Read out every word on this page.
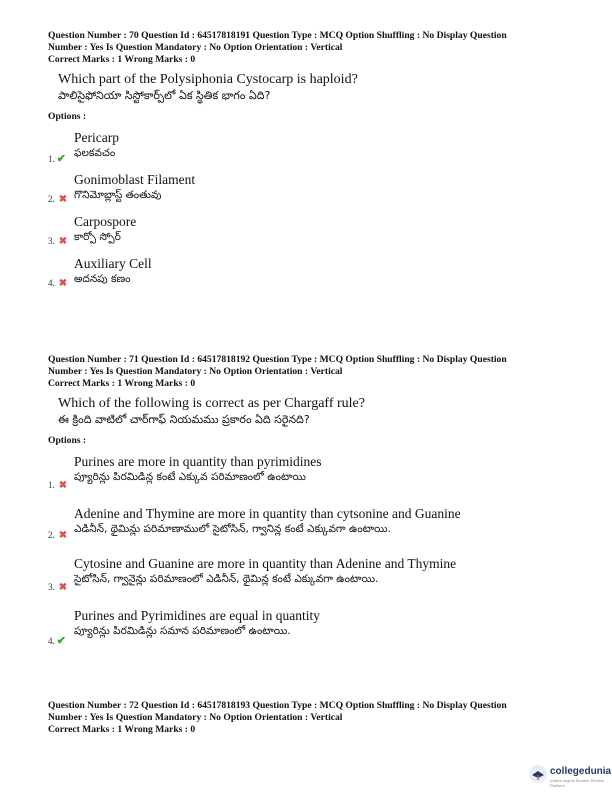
Question Number : 70 Question Id : 64517818191 Question Type : MCQ Option Shuffling : No Display Question

Number : Yes Is Question Mandatory : No Option Orientation : Vertical

Correct Marks : 1 Wrong Marks : 0

Which part of the Polysiphonia Cystocarp is haploid?

పాలిసైఫోనియా సిస్టోకార్ప్‌లో ఏక స్థితిక భాగం ఏది?

Options :

Pericarp
ఫలకవచం
1. ✔
Gonimoblast Filament
గొనిమోబ్లాస్ట్ తంతువు
2. ✖
Carpospore
కార్పో స్పోర్
3. ✖
Auxiliary Cell
అదనపు కణం
4. ✖

Question Number : 71 Question Id : 64517818192 Question Type : MCQ Option Shuffling : No Display Question

Number : Yes Is Question Mandatory : No Option Orientation : Vertical

Correct Marks : 1 Wrong Marks : 0

Which of the following is correct as per Chargaff rule?

ఈ క్రింది వాటిలో చార్‌గాఫ్ నియమము ప్రకారం ఏది సరైనది?

Options :

Purines are more in quantity than pyrimidines
ప్యూరిన్లు పిరమిడిన్ల కంటే ఎక్కువ పరిమాణంలో ఉంటాయి
1. ✖
Adenine and Thymine are more in quantity than cytsonine and Guanine
ఎడినీన్, థైమిన్లు పరిమాణాములో సైటోసిన్, గ్వానిన్ల కంటే ఎక్కువగా ఉంటాయి.
2. ✖
Cytosine and Guanine are more in quantity than Adenine and Thymine
సైటోసిన్, గ్వానైన్లు పరిమాణంలో ఎడినీన్, థైమిన్ల కంటే ఎక్కువగా ఉంటాయి.
3. ✖
Purines and Pyrimidines are equal in quantity
ప్యూరిన్లు పిరమిడిన్లు సమాన పరిమాణంలో ఉంటాయి.
4. ✔

Question Number : 72 Question Id : 64517818193 Question Type : MCQ Option Shuffling : No Display Question

Number : Yes Is Question Mandatory : No Option Orientation : Vertical

Correct Marks : 1 Wrong Marks : 0

collegedunia
India's largest Student Review Platform
